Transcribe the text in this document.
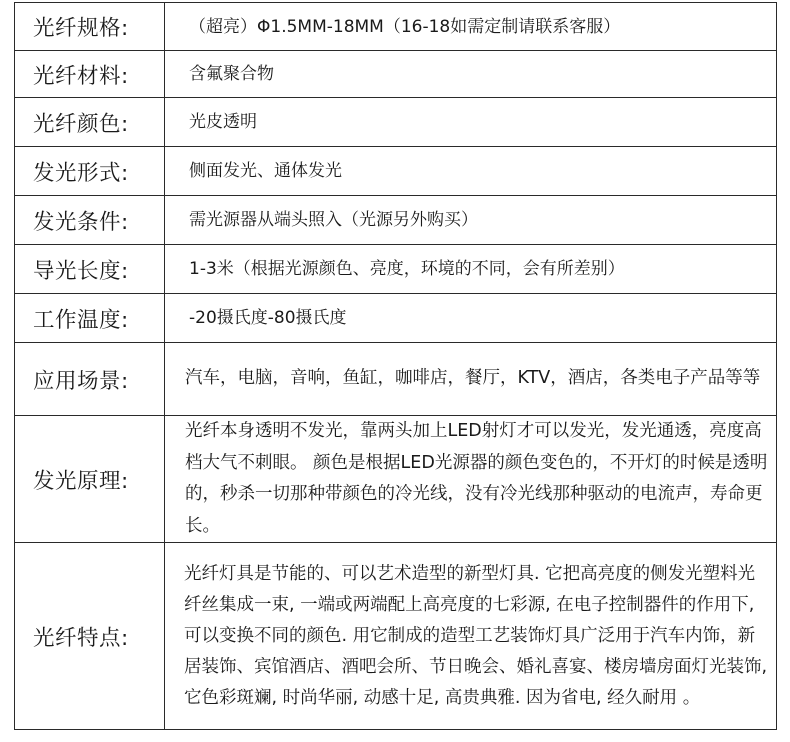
光纤规格:	（超亮）Φ1.5MM-18MM（16-18如需定制请联系客服）
光纤材料:	含氟聚合物
光纤颜色:	光皮透明
发光形式:	侧面发光、通体发光
发光条件:	需光源器从端头照入（光源另外购买）
导光长度:	1-3米（根据光源颜色、亮度，环境的不同，会有所差别）
工作温度:	-20摄氏度-80摄氏度
应用场景:	汽车，电脑，音响，鱼缸，咖啡店，餐厅，KTV，酒店，各类电子产品等等
发光原理:	光纤本身透明不发光，靠两头加上LED射灯才可以发光，发光通透，亮度高档大气不刺眼。 颜色是根据LED光源器的颜色变色的，不开灯的时候是透明的，秒杀一切那种带颜色的冷光线，没有冷光线那种驱动的电流声，寿命更长。
光纤特点:	光纤灯具是节能的、可以艺术造型的新型灯具. 它把高亮度的侧发光塑料光纤丝集成一束, 一端或两端配上高亮度的七彩源, 在电子控制器件的作用下, 可以变换不同的颜色. 用它制成的造型工艺装饰灯具广泛用于汽车内饰，新居装饰、宾馆酒店、酒吧会所、节日晚会、婚礼喜宴、楼房墙房面灯光装饰, 它色彩斑斓, 时尚华丽, 动感十足, 高贵典雅. 因为省电, 经久耐用 。
